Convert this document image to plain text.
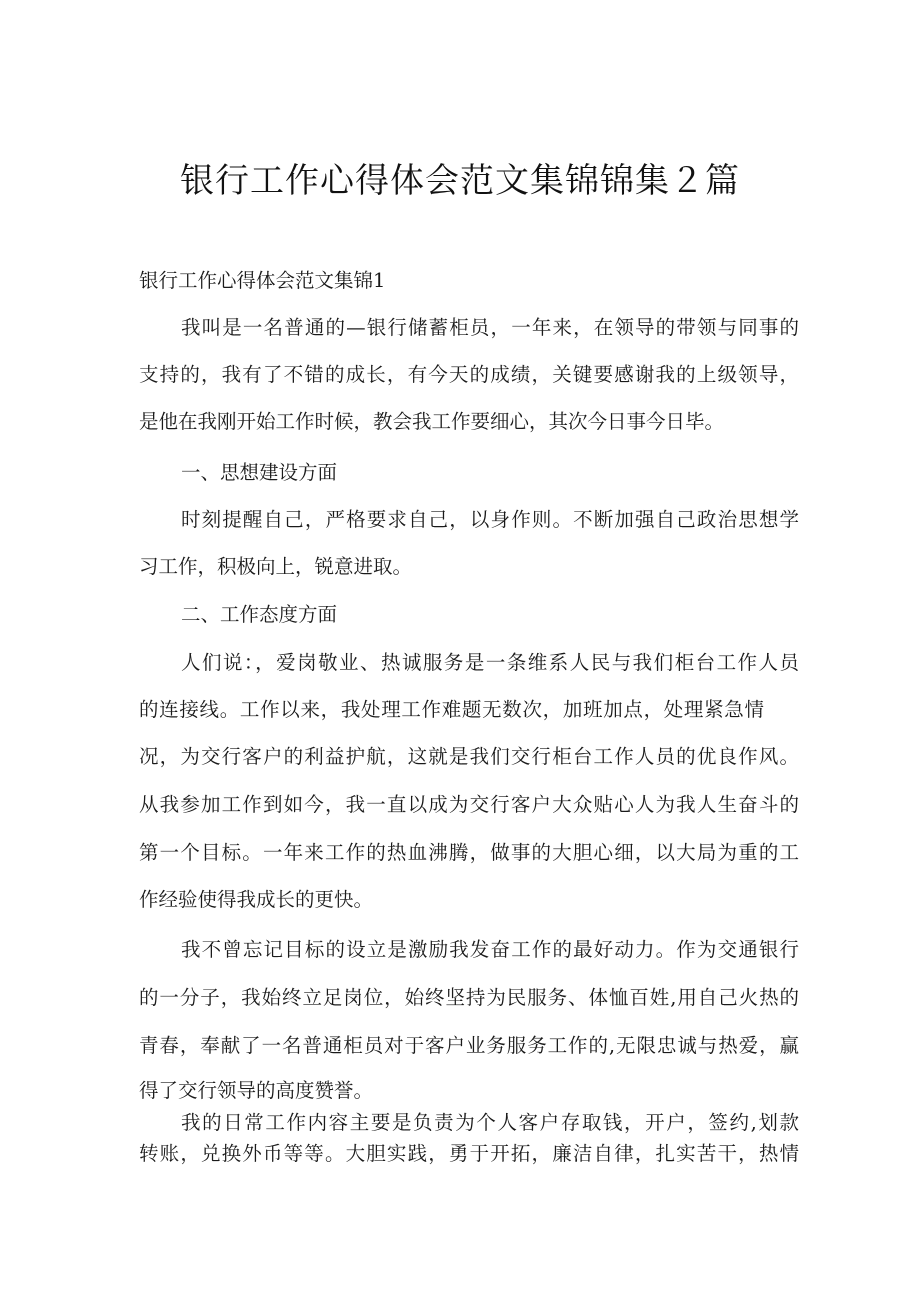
银行工作心得体会范文集锦锦集２篇

银行工作心得体会范文集锦1

我叫是一名普通的—银行储蓄柜员，一年来，在领导的带领与同事的

支持的，我有了不错的成长，有今天的成绩，关键要感谢我的上级领导，

是他在我刚开始工作时候，教会我工作要细心，其次今日事今日毕。

一、思想建设方面

时刻提醒自己，严格要求自己，以身作则。不断加强自己政治思想学

习工作，积极向上，锐意进取。

二、工作态度方面

人们说：，爱岗敬业、热诚服务是一条维系人民与我们柜台工作人员

的连接线。工作以来，我处理工作难题无数次，加班加点，处理紧急情

况，为交行客户的利益护航，这就是我们交行柜台工作人员的优良作风。

从我参加工作到如今，我一直以成为交行客户大众贴心人为我人生奋斗的

第一个目标。一年来工作的热血沸腾，做事的大胆心细，以大局为重的工

作经验使得我成长的更快。

我不曾忘记目标的设立是激励我发奋工作的最好动力。作为交通银行

的一分子，我始终立足岗位，始终坚持为民服务、体恤百姓,用自己火热的

青春，奉献了一名普通柜员对于客户业务服务工作的,无限忠诚与热爱，赢

得了交行领导的高度赞誉。

我的日常工作内容主要是负责为个人客户存取钱，开户，签约,划款

转账，兑换外币等等。大胆实践，勇于开拓，廉洁自律，扎实苦干，热情
